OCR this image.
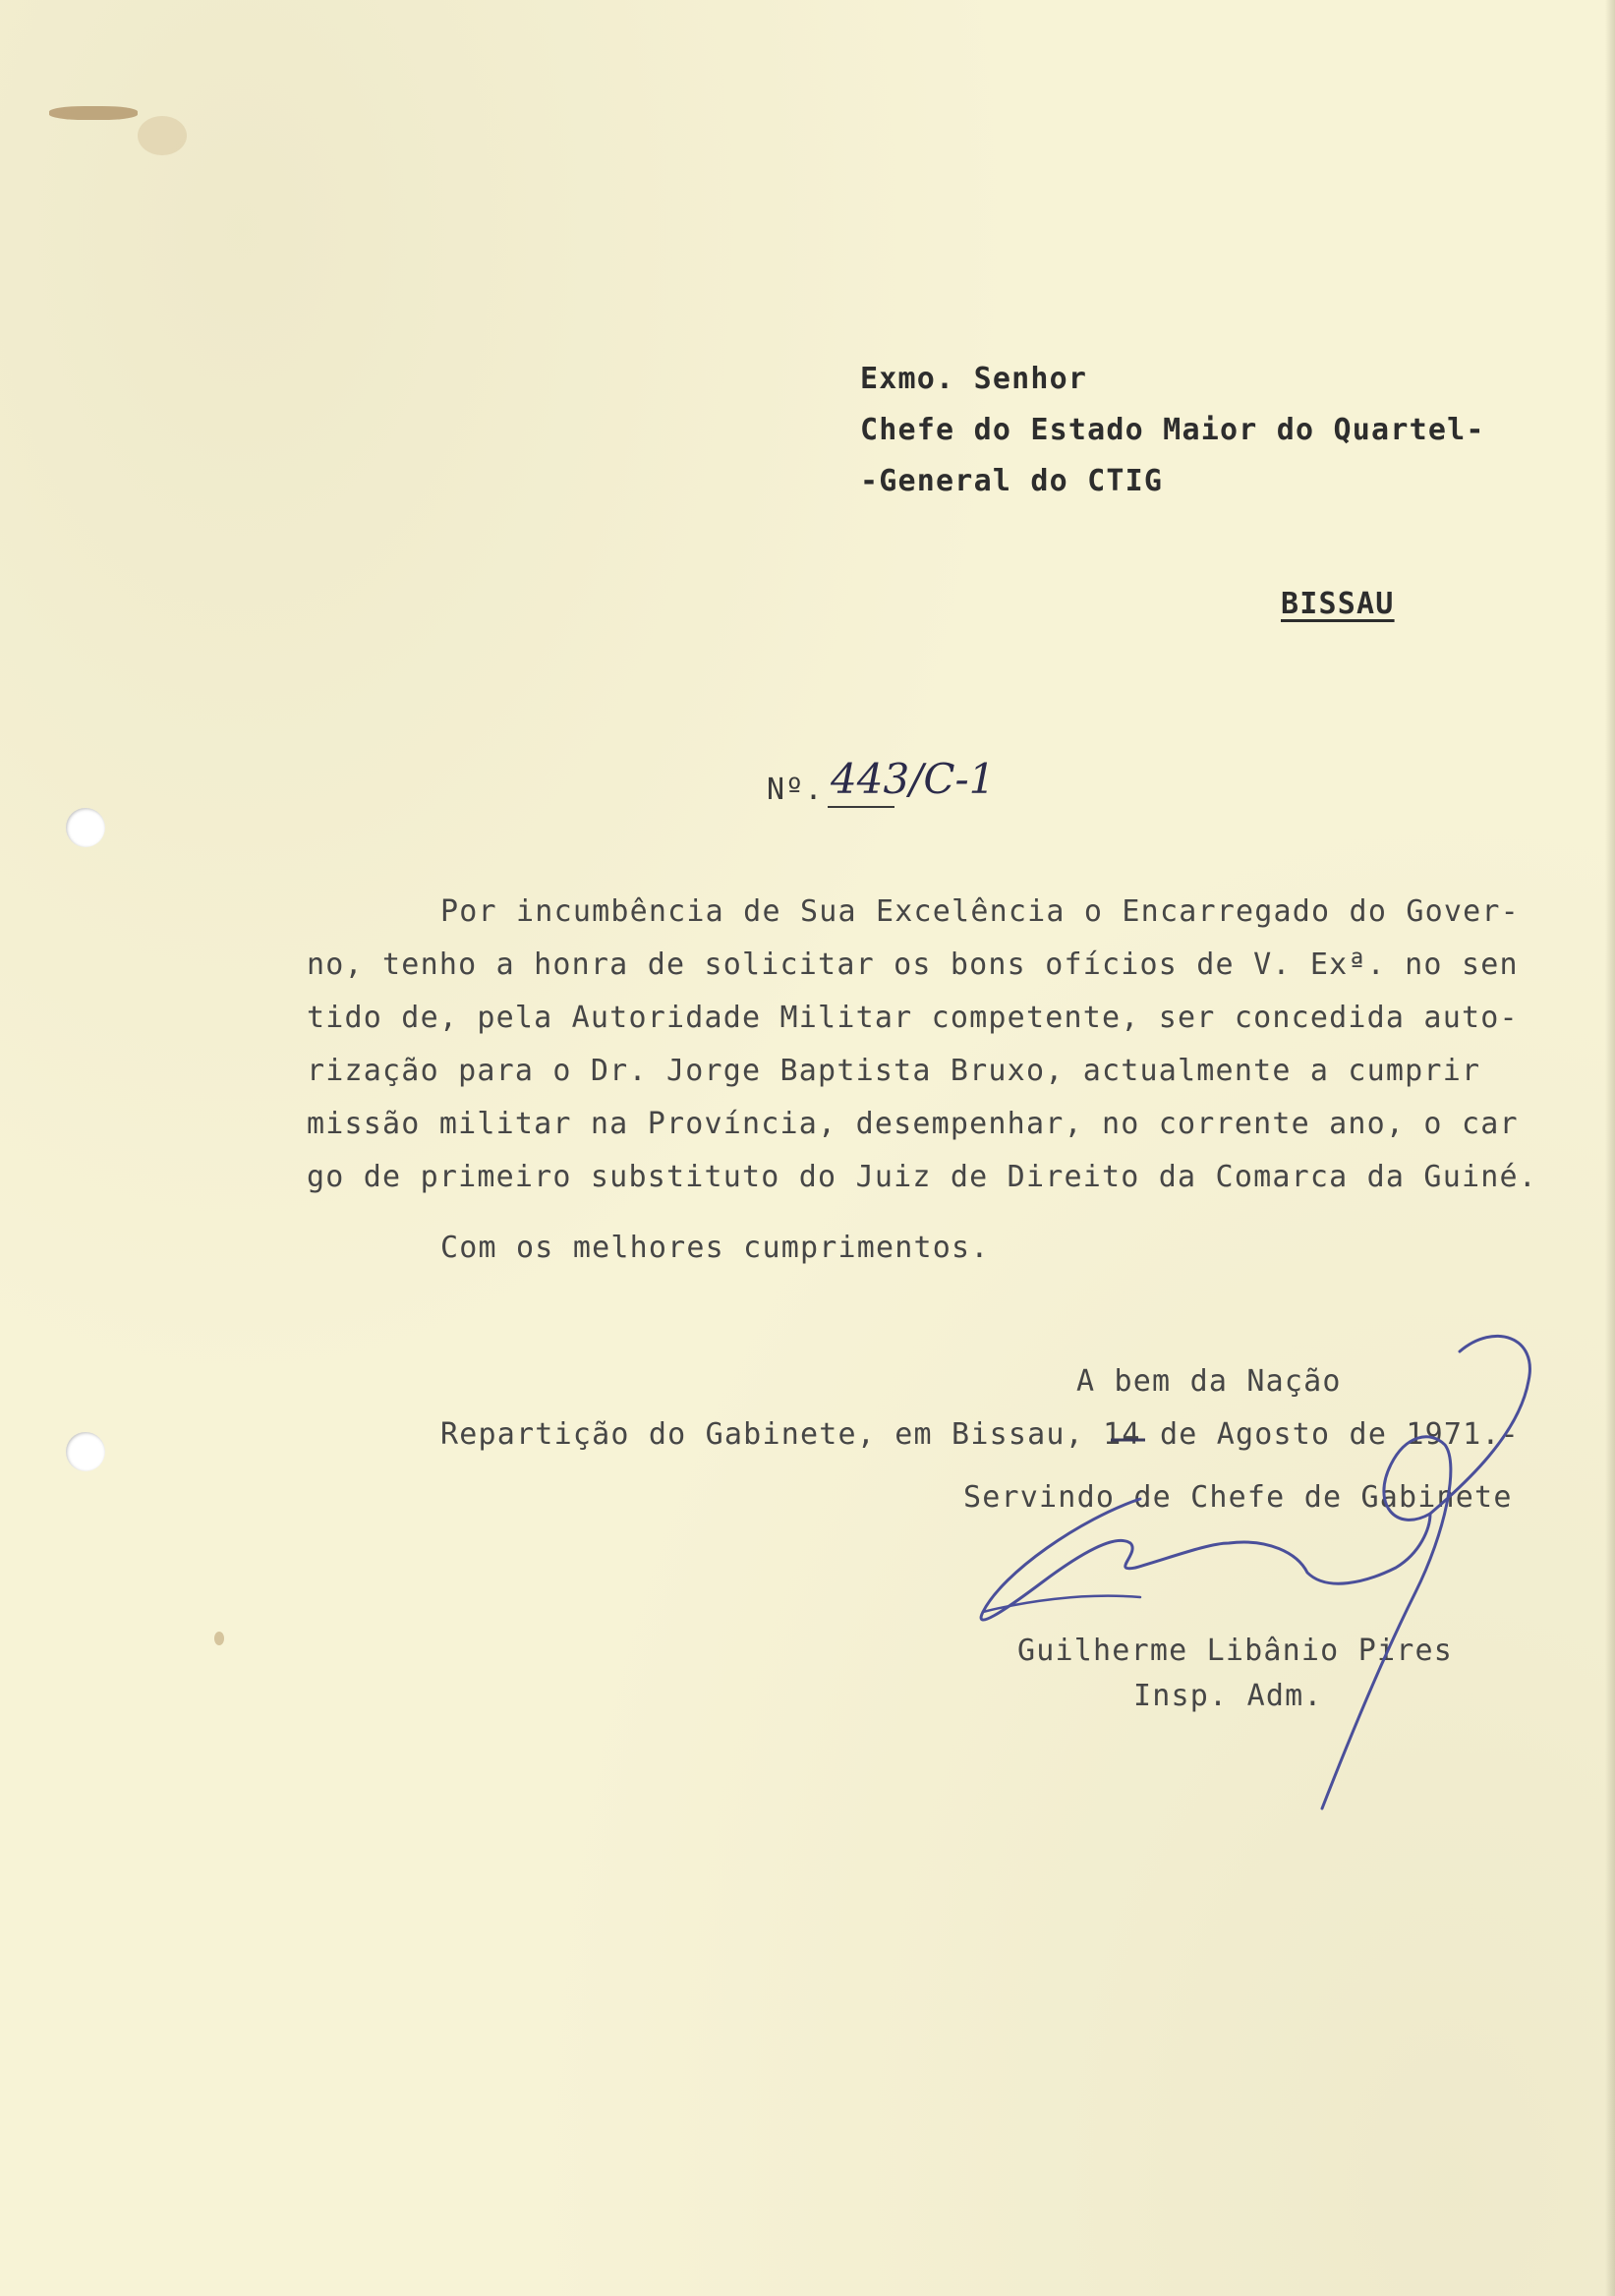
Exmo. Senhor
Chefe do Estado Maior do Quartel-
-General do CTIG
BISSAU
Nº. 443/C-1
Por incumbência de Sua Excelência o Encarregado do Gover-
no, tenho a honra de solicitar os bons ofícios de V. Exª. no sen
tido de, pela Autoridade Militar competente, ser concedida auto-
rização para o Dr. Jorge Baptista Bruxo, actualmente a cumprir
missão militar na Província, desempenhar, no corrente ano, o car
go de primeiro substituto do Juiz de Direito da Comarca da Guiné.
Com os melhores cumprimentos.
A bem da Nação
Repartição do Gabinete, em Bissau, 14 de Agosto de 1971.-
Servindo de Chefe de Gabinete
Guilherme Libânio Pires
Insp. Adm.
